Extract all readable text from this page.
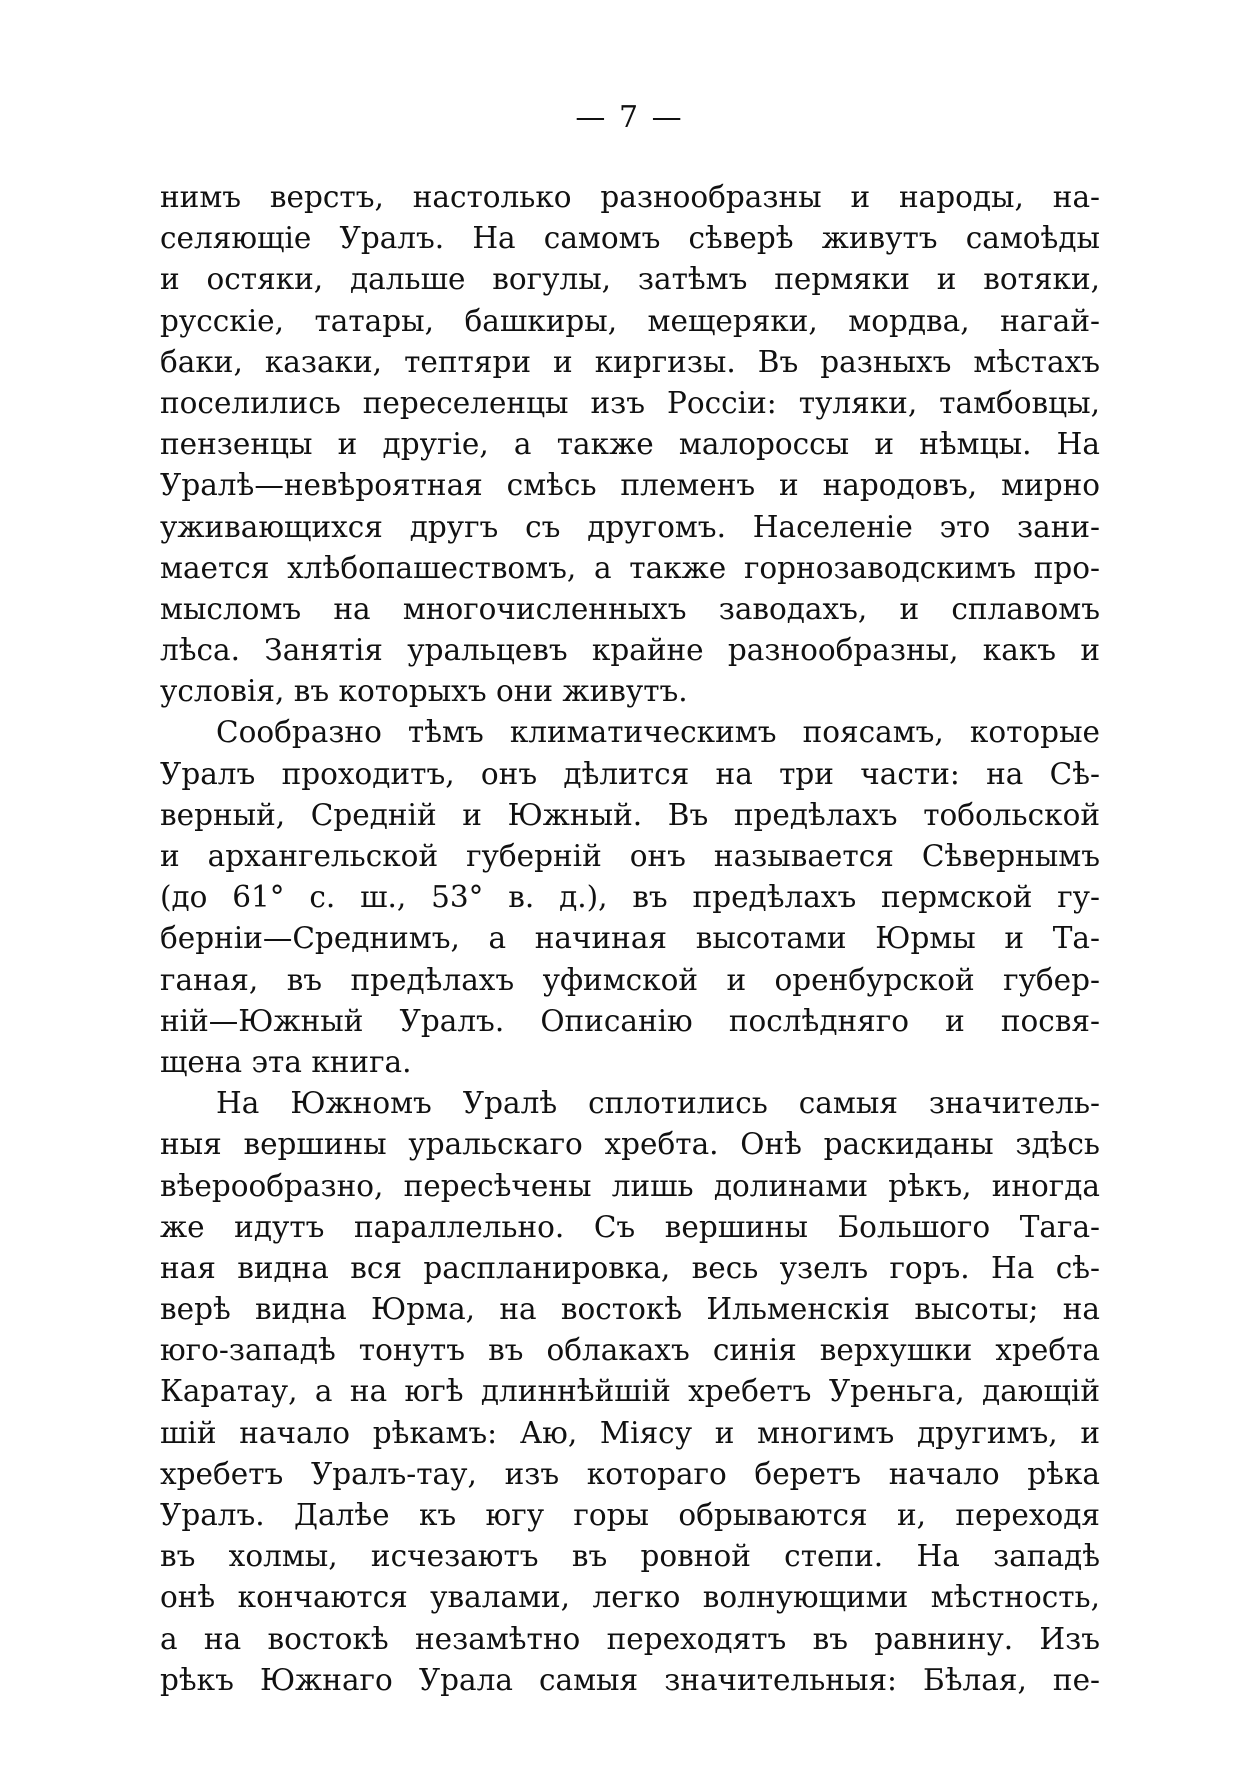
— 7 —
нимъ верстъ, настолько разнообразны и народы, на-
селяющіе Уралъ. На самомъ сѣверѣ живутъ самоѣды
и остяки, дальше вогулы, затѣмъ пермяки и вотяки,
русскіе, татары, башкиры, мещеряки, мордва, нагай-
баки, казаки, тептяри и киргизы. Въ разныхъ мѣстахъ
поселились переселенцы изъ Россіи: туляки, тамбовцы,
пензенцы и другіе, а также малороссы и нѣмцы. На
Уралѣ—невѣроятная смѣсь племенъ и народовъ, мирно
уживающихся другъ съ другомъ. Населеніе это зани-
мается хлѣбопашествомъ, а также горнозаводскимъ про-
мысломъ на многочисленныхъ заводахъ, и сплавомъ
лѣса. Занятія уральцевъ крайне разнообразны, какъ и
условія, въ которыхъ они живутъ.
Сообразно тѣмъ климатическимъ поясамъ, которые
Уралъ проходитъ, онъ дѣлится на три части: на Сѣ-
верный, Средній и Южный. Въ предѣлахъ тобольской
и архангельской губерній онъ называется Сѣвернымъ
(до 61° с. ш., 53° в. д.), въ предѣлахъ пермской гу-
берніи—Среднимъ, а начиная высотами Юрмы и Та-
ганая, въ предѣлахъ уфимской и оренбурской губер-
ній—Южный Уралъ. Описанію послѣдняго и посвя-
щена эта книга.
На Южномъ Уралѣ сплотились самыя значитель-
ныя вершины уральскаго хребта. Онѣ раскиданы здѣсь
вѣерообразно, пересѣчены лишь долинами рѣкъ, иногда
же идутъ параллельно. Съ вершины Большого Тага-
ная видна вся распланировка, весь узелъ горъ. На сѣ-
верѣ видна Юрма, на востокѣ Ильменскія высоты; на
юго-западѣ тонутъ въ облакахъ синія верхушки хребта
Каратау, а на югѣ длиннѣйшій хребетъ Уреньга, дающій
шій начало рѣкамъ: Аю, Міясу и многимъ другимъ, и
хребетъ Уралъ-тау, изъ котораго беретъ начало рѣка
Уралъ. Далѣе къ югу горы обрываются и, переходя
въ холмы, исчезаютъ въ ровной степи. На западѣ
онѣ кончаются увалами, легко волнующими мѣстность,
а на востокѣ незамѣтно переходятъ въ равнину. Изъ
рѣкъ Южнаго Урала самыя значительныя: Бѣлая, пе-
